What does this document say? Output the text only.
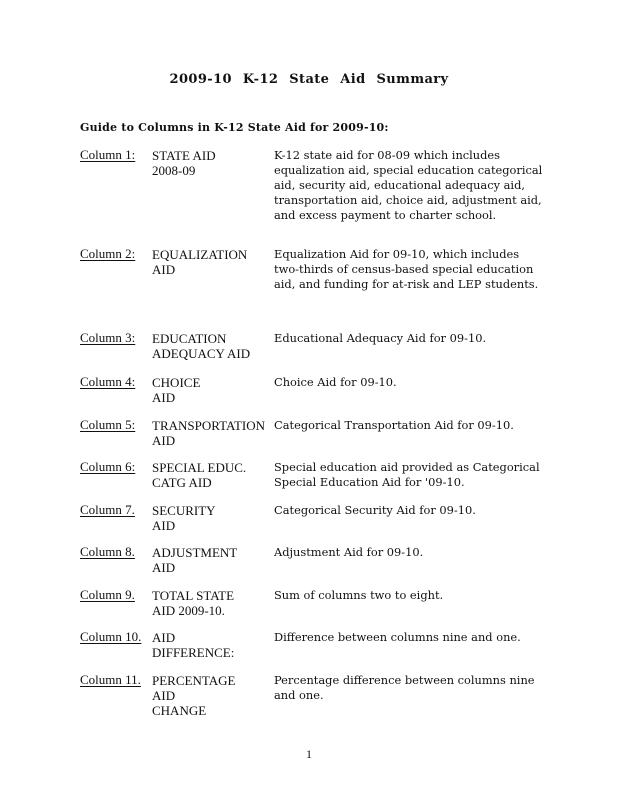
2009-10 K-12 State Aid Summary
Guide to Columns in K-12 State Aid for 2009-10:
Column 1: STATE AID
2008-09
K-12 state aid for 08-09 which includes equalization aid, special education categorical aid, security aid, educational adequacy aid, transportation aid, choice aid, adjustment aid, and excess payment to charter school.
Column 2: EQUALIZATION
AID
Equalization Aid for 09-10, which includes two-thirds of census-based special education aid, and funding for at-risk and LEP students.
Column 3: EDUCATION
ADEQUACY AID
Educational Adequacy Aid for 09-10.
Column 4: CHOICE
AID
Choice Aid for 09-10.
Column 5: TRANSPORTATION
AID
Categorical Transportation Aid for 09-10.
Column 6: SPECIAL EDUC.
CATG AID
Special education aid provided as Categorical Special Education Aid for '09-10.
Column 7. SECURITY
AID
Categorical Security Aid for 09-10.
Column 8. ADJUSTMENT
AID
Adjustment Aid for 09-10.
Column 9. TOTAL STATE
AID 2009-10.
Sum of columns two to eight.
Column 10. AID
DIFFERENCE:
Difference between columns nine and one.
Column 11. PERCENTAGE
AID
CHANGE
Percentage difference between columns nine and one.
1
